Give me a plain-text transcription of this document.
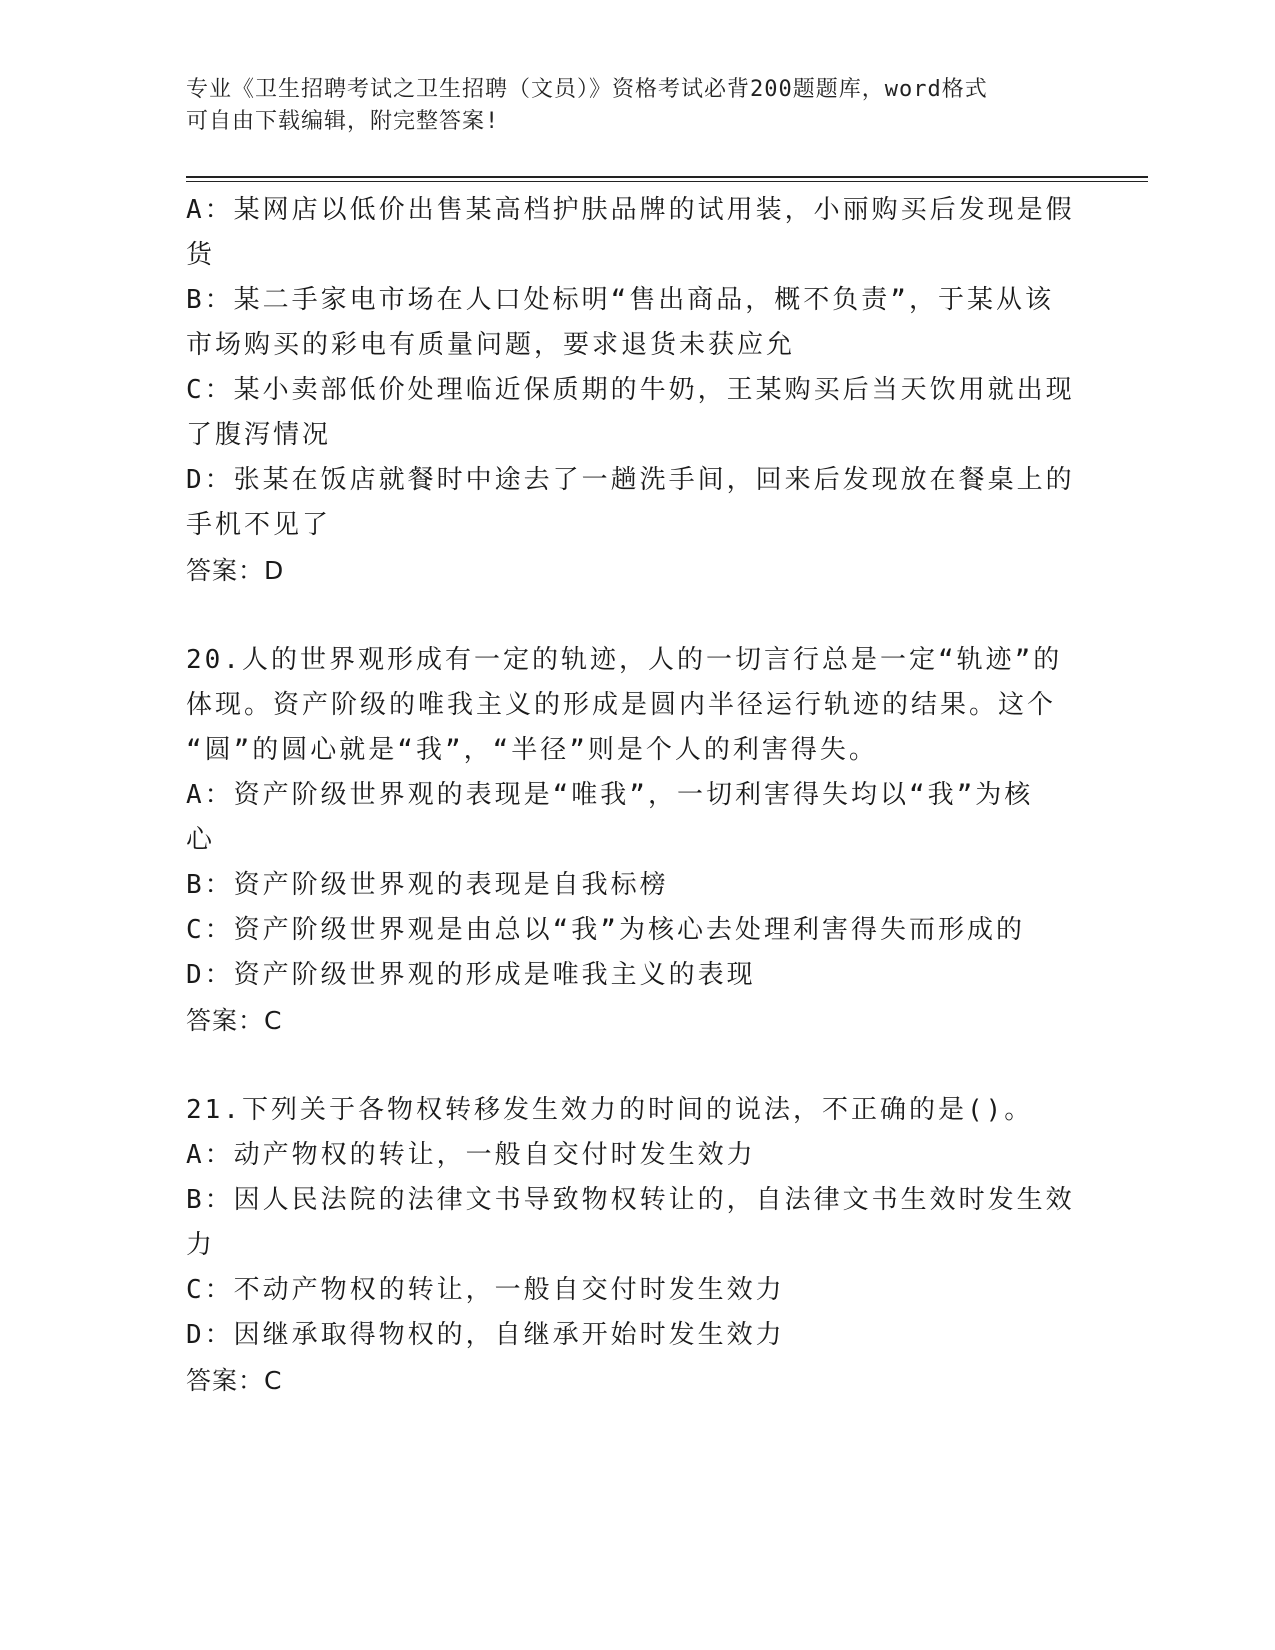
专业《卫生招聘考试之卫生招聘（文员）》资格考试必背200题题库，word格式
可自由下载编辑，附完整答案!
A：某网店以低价出售某高档护肤品牌的试用装，小丽购买后发现是假
货
B：某二手家电市场在人口处标明“售出商品，概不负责”，于某从该
市场购买的彩电有质量问题，要求退货未获应允
C：某小卖部低价处理临近保质期的牛奶，王某购买后当天饮用就出现
了腹泻情况
D：张某在饭店就餐时中途去了一趟洗手间，回来后发现放在餐桌上的
手机不见了
答案：D
20.人的世界观形成有一定的轨迹，人的一切言行总是一定“轨迹”的
体现。资产阶级的唯我主义的形成是圆内半径运行轨迹的结果。这个
“圆”的圆心就是“我”，“半径”则是个人的利害得失。
A：资产阶级世界观的表现是“唯我”，一切利害得失均以“我”为核
心
B：资产阶级世界观的表现是自我标榜
C：资产阶级世界观是由总以“我”为核心去处理利害得失而形成的
D：资产阶级世界观的形成是唯我主义的表现
答案：C
21.下列关于各物权转移发生效力的时间的说法，不正确的是()。
A：动产物权的转让，一般自交付时发生效力
B：因人民法院的法律文书导致物权转让的，自法律文书生效时发生效
力
C：不动产物权的转让，一般自交付时发生效力
D：因继承取得物权的，自继承开始时发生效力
答案：C
